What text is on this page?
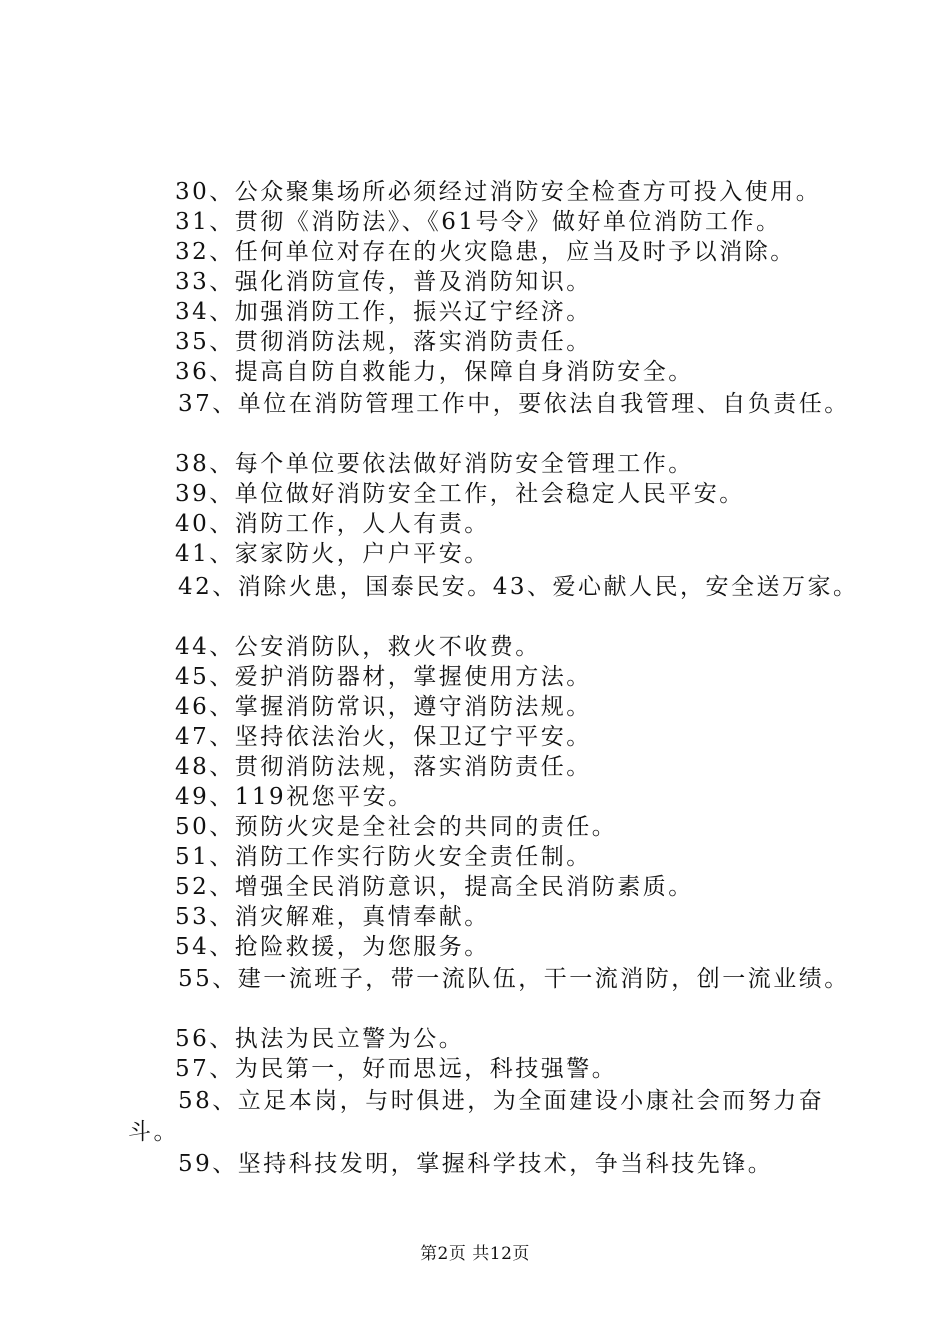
30、公众聚集场所必须经过消防安全检查方可投入使用。
31、贯彻《消防法》、《61号令》做好单位消防工作。
32、任何单位对存在的火灾隐患，应当及时予以消除。
33、强化消防宣传，普及消防知识。
34、加强消防工作，振兴辽宁经济。
35、贯彻消防法规，落实消防责任。
36、提高自防自救能力，保障自身消防安全。
37、单位在消防管理工作中，要依法自我管理、自负责任。
38、每个单位要依法做好消防安全管理工作。
39、单位做好消防安全工作，社会稳定人民平安。
40、消防工作，人人有责。
41、家家防火，户户平安。
42、消除火患，国泰民安。43、爱心献人民，安全送万家。
44、公安消防队，救火不收费。
45、爱护消防器材，掌握使用方法。
46、掌握消防常识，遵守消防法规。
47、坚持依法治火，保卫辽宁平安。
48、贯彻消防法规，落实消防责任。
49、119祝您平安。
50、预防火灾是全社会的共同的责任。
51、消防工作实行防火安全责任制。
52、增强全民消防意识，提高全民消防素质。
53、消灾解难，真情奉献。
54、抢险救援，为您服务。
55、建一流班子，带一流队伍，干一流消防，创一流业绩。
56、执法为民立警为公。
57、为民第一，好而思远，科技强警。
58、立足本岗，与时俱进，为全面建设小康社会而努力奋
斗。
59、坚持科技发明，掌握科学技术，争当科技先锋。
第2页 共12页
